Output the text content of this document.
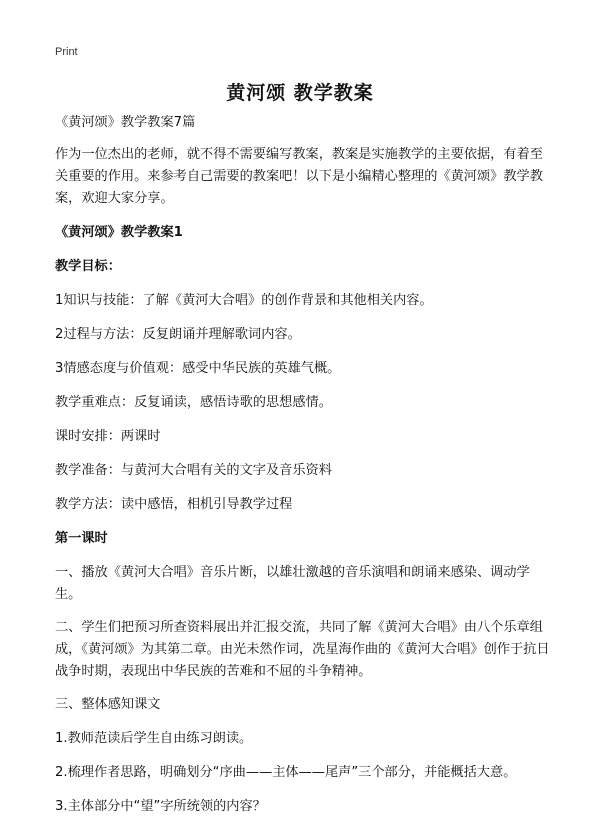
Print
黄河颂 教学教案

《黄河颂》教学教案7篇

作为一位杰出的老师，就不得不需要编写教案，教案是实施教学的主要依据，有着至关重要的作用。来参考自己需要的教案吧！以下是小编精心整理的《黄河颂》教学教案，欢迎大家分享。

《黄河颂》教学教案1

教学目标：

1知识与技能：了解《黄河大合唱》的创作背景和其他相关内容。

2过程与方法：反复朗诵并理解歌词内容。

3情感态度与价值观：感受中华民族的英雄气概。

教学重难点：反复诵读，感悟诗歌的思想感情。

课时安排：两课时

教学准备：与黄河大合唱有关的文字及音乐资料

教学方法：读中感悟，相机引导教学过程

第一课时

一、播放《黄河大合唱》音乐片断，以雄壮激越的音乐演唱和朗诵来感染、调动学生。

二、学生们把预习所查资料展出并汇报交流，共同了解《黄河大合唱》由八个乐章组成，《黄河颂》为其第二章。由光未然作词，冼星海作曲的《黄河大合唱》创作于抗日战争时期，表现出中华民族的苦难和不屈的斗争精神。

三、整体感知课文

1.教师范读后学生自由练习朗读。

2.梳理作者思路，明确划分“序曲——主体——尾声”三个部分，并能概括大意。

3.主体部分中“望”字所统领的内容？
